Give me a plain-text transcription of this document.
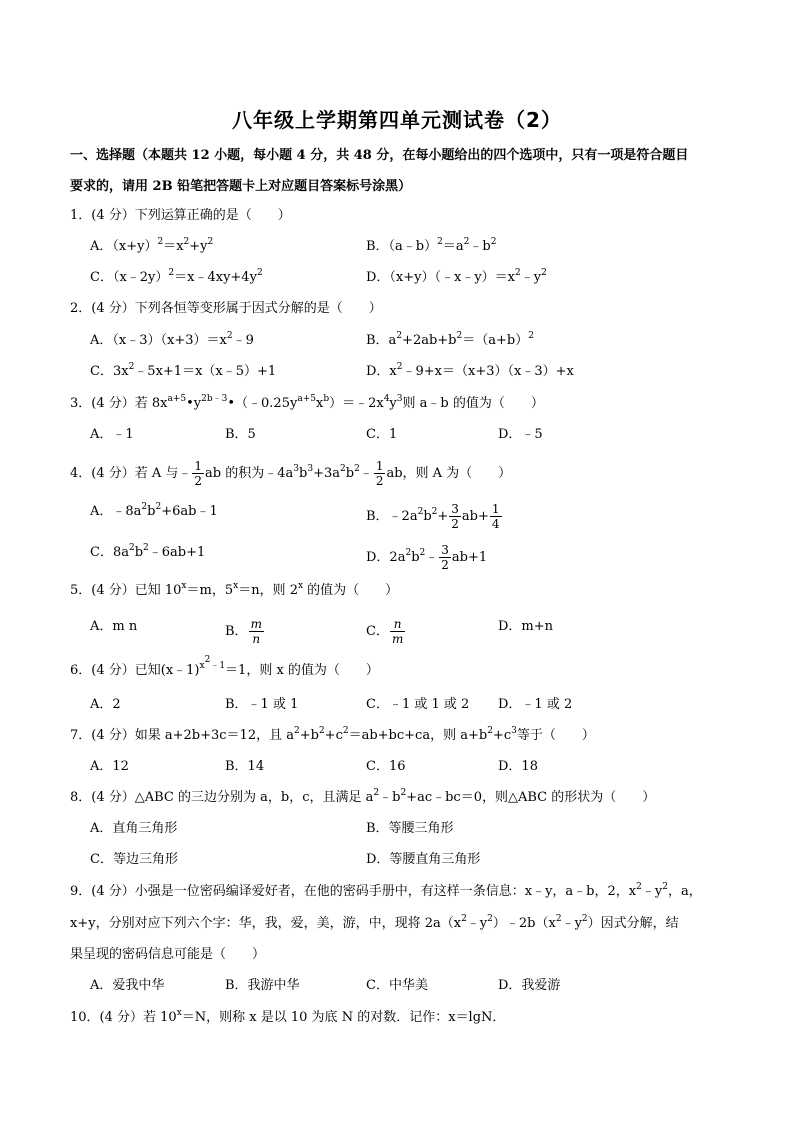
八年级上学期第四单元测试卷（2）
一、选择题（本题共 12 小题，每小题 4 分，共 48 分，在每小题给出的四个选项中，只有一项是符合题目
要求的，请用 2B 铅笔把答题卡上对应题目答案标号涂黑）
1．(4 分）下列运算正确的是（　　）
A．$(x+y)^2=x^2+y^2$	B．$(a﹣b)^2=a^2﹣b^2$
C．$(x﹣2y)^2=x﹣4xy+4y^2$	D．$(x+y)(﹣x﹣y)=x^2﹣y^2$
2．(4 分）下列各恒等变形属于因式分解的是（　　）
A．$(x﹣3)(x+3)=x^2﹣9$	B．$a^2+2ab+b^2=(a+b)^2$
C．$3x^2﹣5x+1=x(x﹣5)+1$	D．$x^2﹣9+x=(x+3)(x﹣3)+x$
3．(4 分）若 $8x^{a+5}•y^{2b﹣3}•(﹣0.25y^{a+5}x^b)=﹣2x^4y^3$则 a﹣b 的值为（　　）
A．﹣1	B．5	C．1	D．﹣5
4．(4 分）若 A 与﹣ $\frac{1}{2}$ ab 的积为$﹣4a^3b^3+3a^2b^2﹣ \frac{1}{2}$ ab，则 A 为（　　）
A．$﹣8a^2b^2+6ab﹣1$	B．$﹣2a^2b^2+ \frac{3}{2} ab+ \frac{1}{4}$
C．$8a^2b^2﹣6ab+1$	D．$2a^2b^2﹣ \frac{3}{2} ab+1$
5．(4 分）已知 $10^x=m$，$5^x=n$，则 2$^x$ 的值为（　　）
A．m n	B． $\frac{m}{n}$	C． $\frac{n}{m}$	D．m+n
6．(4 分）已知(x﹣1)$^{x^2﹣1}$＝1，则 x 的值为（　　）
A．2	B．﹣1 或 1	C．﹣1 或 1 或 2 D．﹣1 或 2
7．(4 分）如果 a+2b+3c＝12，且 $a^2+b^2+c^2=ab+bc+ca$，则 $a+b^2+c^3$等于（　　）
A．12	B．14	C．16	D．18
8．(4 分）△ABC 的三边分别为 a，b，c，且满足 $a^2﹣b^2+ac﹣bc=0$，则△ABC 的形状为（　　）
A．直角三角形	B．等腰三角形
C．等边三角形	D．等腰直角三角形
9．(4 分）小强是一位密码编译爱好者，在他的密码手册中，有这样一条信息：x﹣y，a﹣b，2，$x^2﹣y^2$，a，
x+y，分别对应下列六个字：华，我，爱，美，游，中，现将 $2a(x^2﹣y^2)﹣2b(x^2﹣y^2)$因式分解，结
果呈现的密码信息可能是（　　）
A．爱我中华	B．我游中华	C．中华美	D．我爱游
10．(4 分）若 $10^x=N$，则称 x 是以 10 为底 N 的对数．记作：x＝lgN．
